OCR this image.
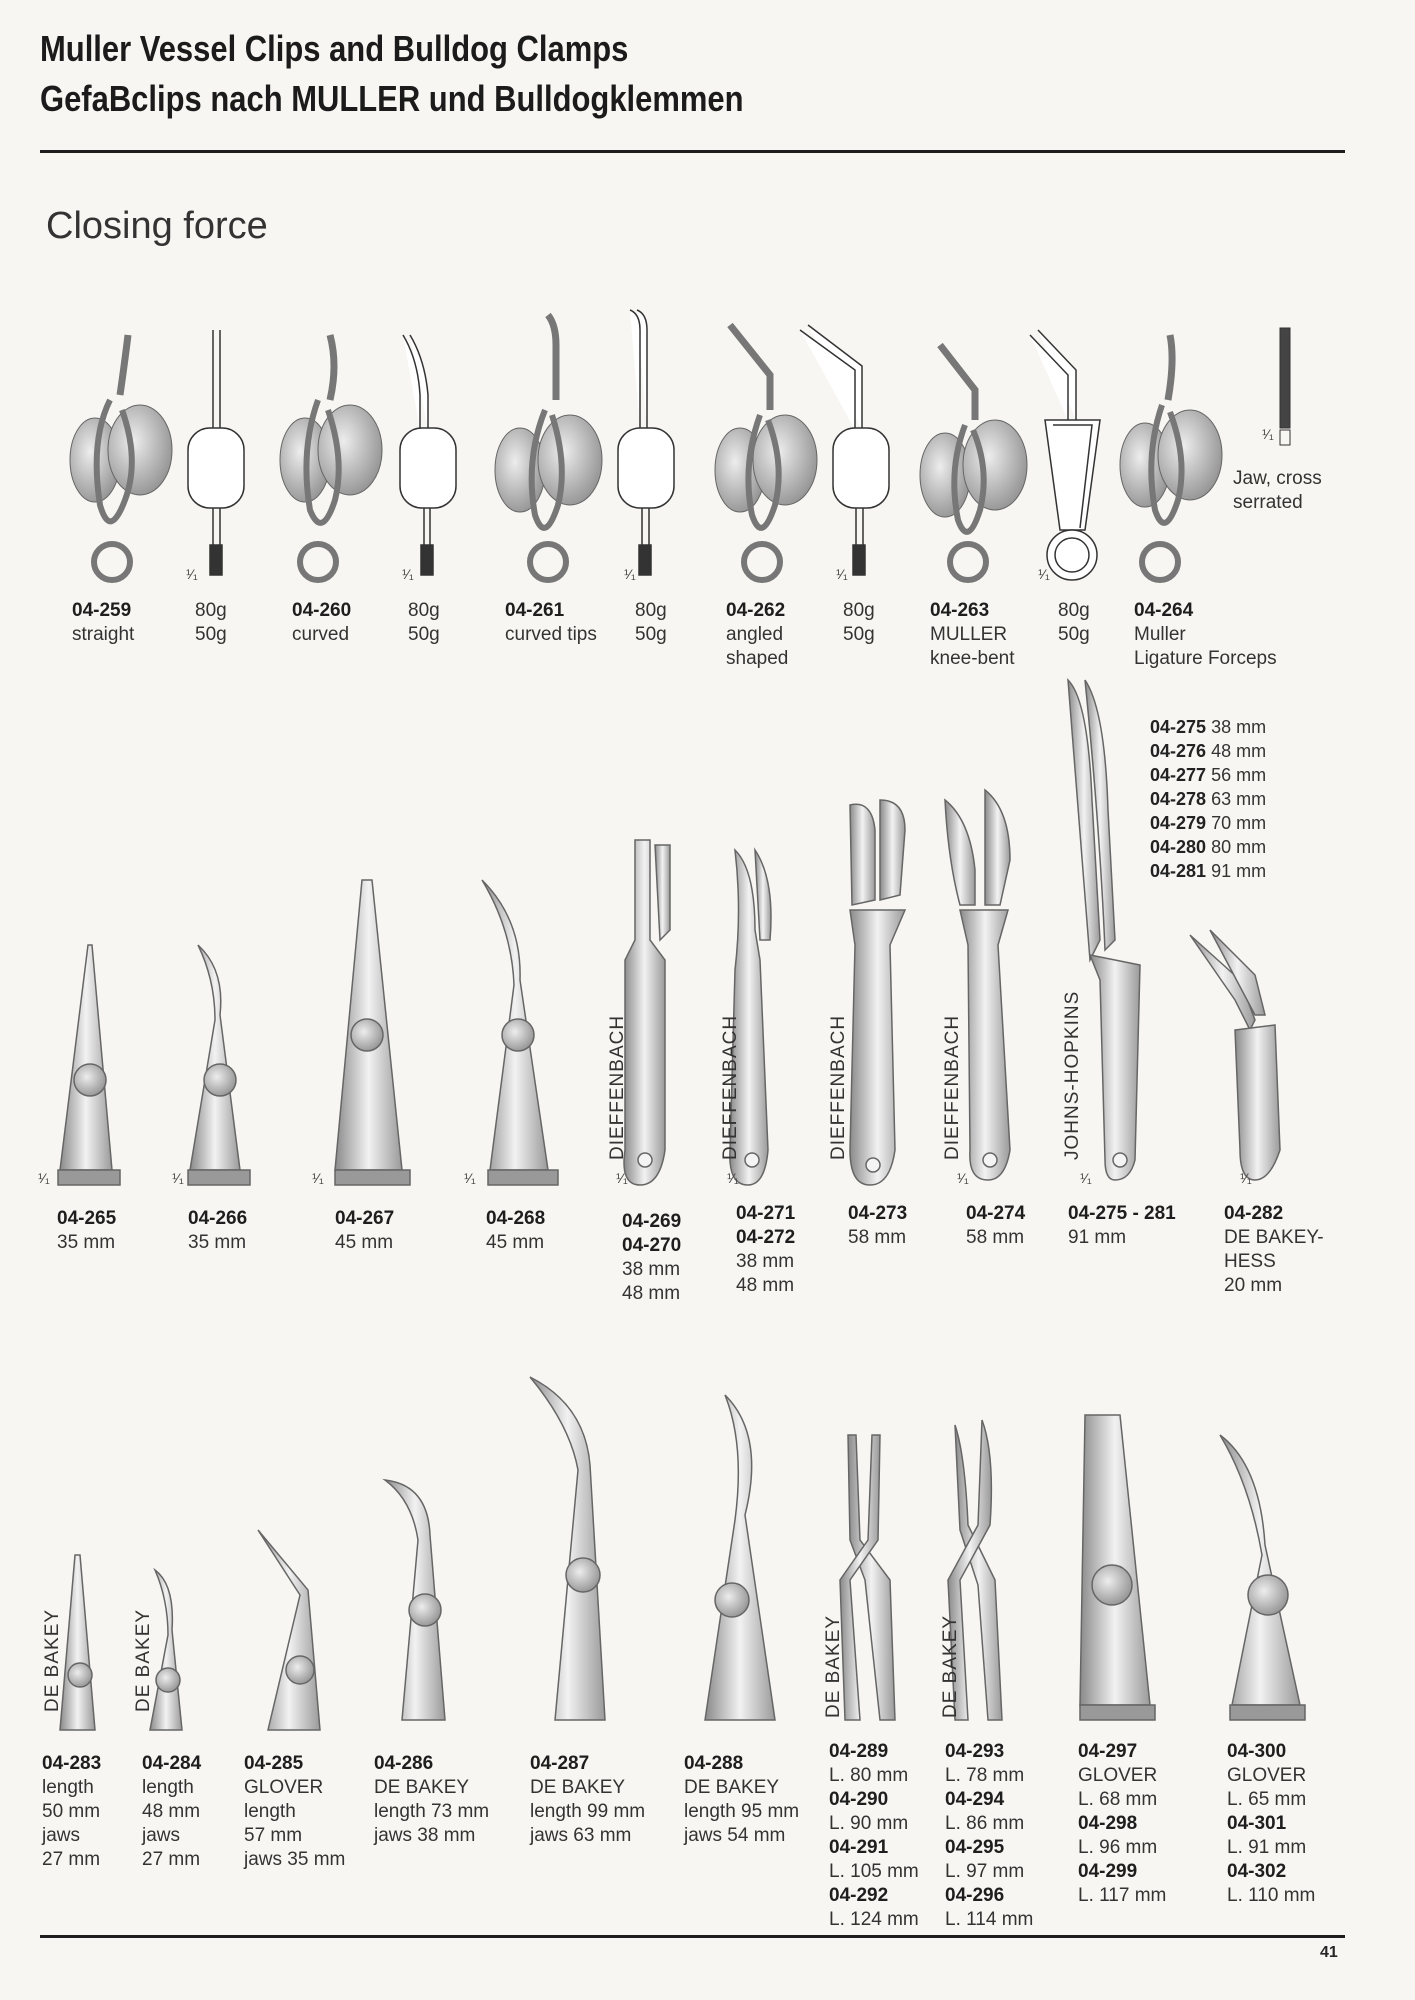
Muller Vessel Clips and Bulldog Clamps
GefaBclips nach MULLER und Bulldogklemmen
Closing force
¹⁄₁	¹⁄₁	¹⁄₁	¹⁄₁	¹⁄₁
¹⁄₁
Jaw, cross
serrated
04-259
straight
80g
50g
04-260
curved
80g
50g
04-261
curved tips
80g
50g
04-262
angled
shaped
80g
50g
04-263
MULLER
knee-bent
80g
50g
04-264
Muller
Ligature Forceps
04-275 38 mm
04-276 48 mm
04-277 56 mm
04-278 63 mm
04-279 70 mm
04-280 80 mm
04-281 91 mm
DIEFFENBACH	DIEFFENBACH	DIEFFENBACH	DIEFFENBACH	JOHNS-HOPKINS
¹⁄₁	¹⁄₁	¹⁄₁	¹⁄₁	¹⁄₁	¹⁄₁	¹⁄₁	¹⁄₁	¹⁄₁
04-265
35 mm
04-266
35 mm
04-267
45 mm
04-268
45 mm
04-269
04-270
38 mm
48 mm
04-271
04-272
38 mm
48 mm
04-273
58 mm
04-274
58 mm
04-275 - 281
91 mm
04-282
DE BAKEY-
HESS
20 mm
DE BAKEY	DE BAKEY	DE BAKEY	DE BAKEY
04-283
length
50 mm
jaws
27 mm
04-284
length
48 mm
jaws
27 mm
04-285
GLOVER
length
57 mm
jaws 35 mm
04-286
DE BAKEY
length 73 mm
jaws 38 mm
04-287
DE BAKEY
length 99 mm
jaws 63 mm
04-288
DE BAKEY
length 95 mm
jaws 54 mm
04-289
L. 80 mm
04-290
L. 90 mm
04-291
L. 105 mm
04-292
L. 124 mm
04-293
L. 78 mm
04-294
L. 86 mm
04-295
L. 97 mm
04-296
L. 114 mm
04-297
GLOVER
L. 68 mm
04-298
L. 96 mm
04-299
L. 117 mm
04-300
GLOVER
L. 65 mm
04-301
L. 91 mm
04-302
L. 110 mm
41
